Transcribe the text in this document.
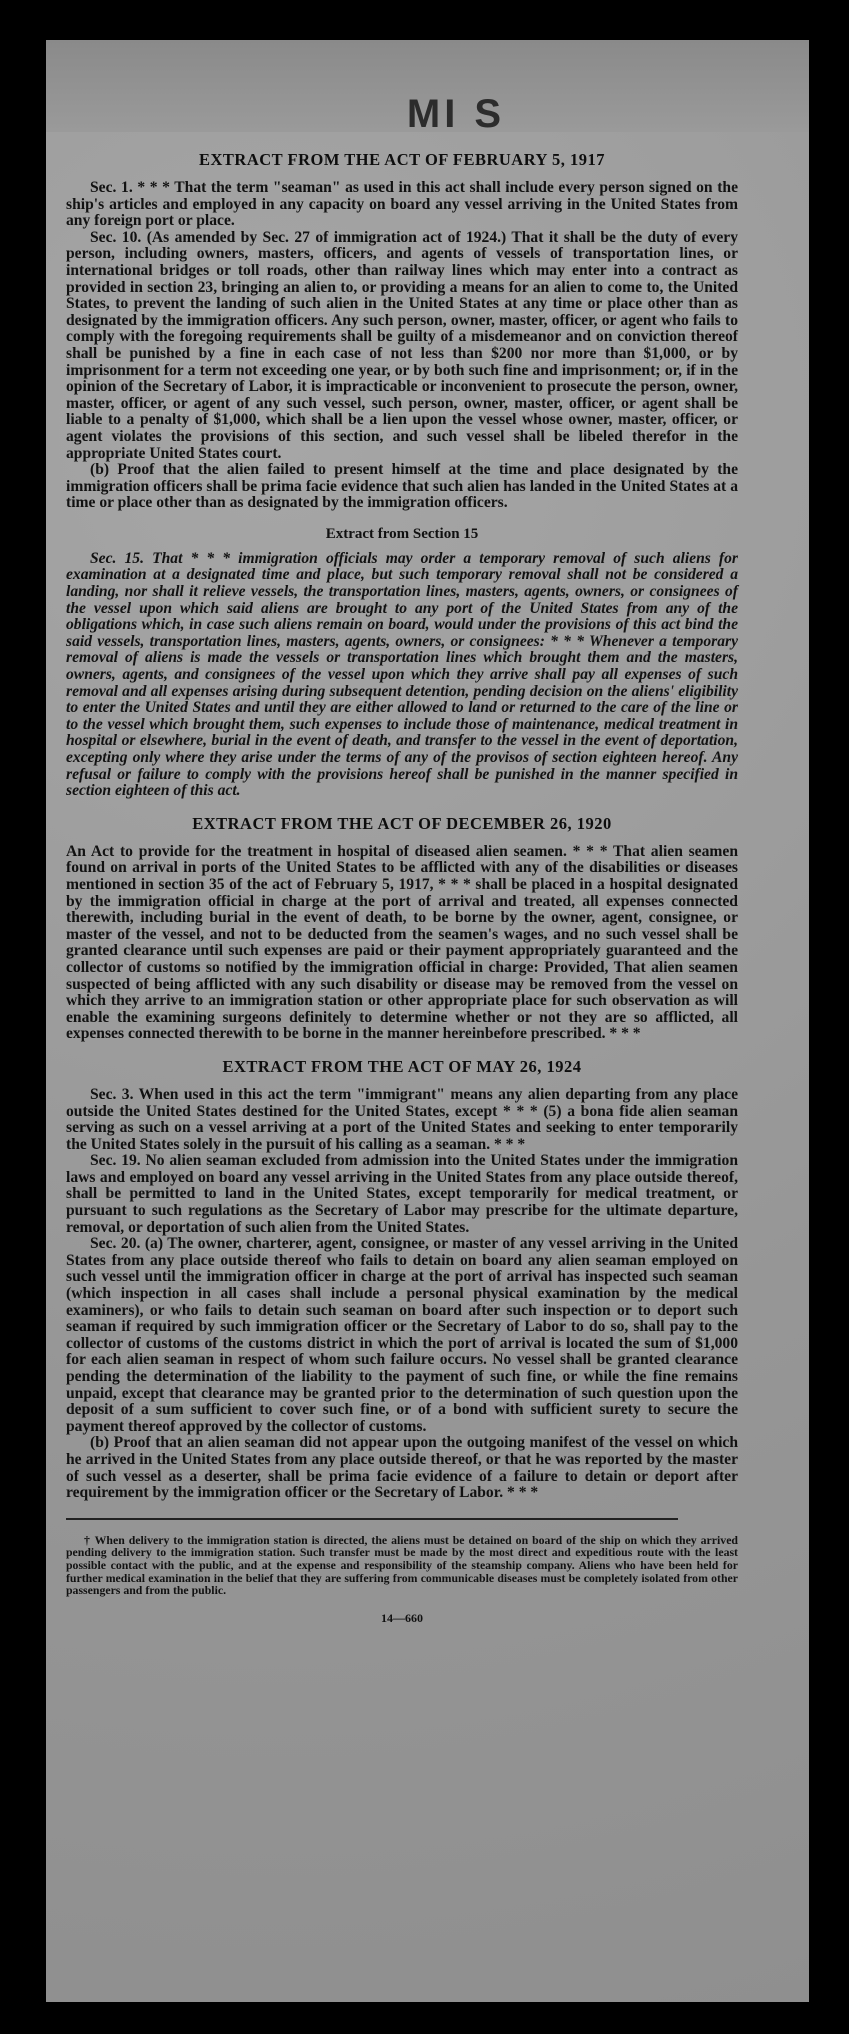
MI S
EXTRACT FROM THE ACT OF FEBRUARY 5, 1917

Sec. 1. * * * That the term "seaman" as used in this act shall include every person signed on the ship's articles and employed in any capacity on board any vessel arriving in the United States from any foreign port or place.

Sec. 10. (As amended by Sec. 27 of immigration act of 1924.) That it shall be the duty of every person, including owners, masters, officers, and agents of vessels of transportation lines, or international bridges or toll roads, other than railway lines which may enter into a contract as provided in section 23, bringing an alien to, or providing a means for an alien to come to, the United States, to prevent the landing of such alien in the United States at any time or place other than as designated by the immigration officers. Any such person, owner, master, officer, or agent who fails to comply with the foregoing requirements shall be guilty of a misdemeanor and on conviction thereof shall be punished by a fine in each case of not less than $200 nor more than $1,000, or by imprisonment for a term not exceeding one year, or by both such fine and imprisonment; or, if in the opinion of the Secretary of Labor, it is impracticable or inconvenient to prosecute the person, owner, master, officer, or agent of any such vessel, such person, owner, master, officer, or agent shall be liable to a penalty of $1,000, which shall be a lien upon the vessel whose owner, master, officer, or agent violates the provisions of this section, and such vessel shall be libeled therefor in the appropriate United States court.

(b) Proof that the alien failed to present himself at the time and place designated by the immigration officers shall be prima facie evidence that such alien has landed in the United States at a time or place other than as designated by the immigration officers.

Extract from Section 15

Sec. 15. That * * * immigration officials may order a temporary removal of such aliens for examination at a designated time and place, but such temporary removal shall not be considered a landing, nor shall it relieve vessels, the transportation lines, masters, agents, owners, or consignees of the vessel upon which said aliens are brought to any port of the United States from any of the obligations which, in case such aliens remain on board, would under the provisions of this act bind the said vessels, transportation lines, masters, agents, owners, or consignees: * * * Whenever a temporary removal of aliens is made the vessels or transportation lines which brought them and the masters, owners, agents, and consignees of the vessel upon which they arrive shall pay all expenses of such removal and all expenses arising during subsequent detention, pending decision on the aliens' eligibility to enter the United States and until they are either allowed to land or returned to the care of the line or to the vessel which brought them, such expenses to include those of maintenance, medical treatment in hospital or elsewhere, burial in the event of death, and transfer to the vessel in the event of deportation, excepting only where they arise under the terms of any of the provisos of section eighteen hereof. Any refusal or failure to comply with the provisions hereof shall be punished in the manner specified in section eighteen of this act.

EXTRACT FROM THE ACT OF DECEMBER 26, 1920

An Act to provide for the treatment in hospital of diseased alien seamen. * * * That alien seamen found on arrival in ports of the United States to be afflicted with any of the disabilities or diseases mentioned in section 35 of the act of February 5, 1917, * * * shall be placed in a hospital designated by the immigration official in charge at the port of arrival and treated, all expenses connected therewith, including burial in the event of death, to be borne by the owner, agent, consignee, or master of the vessel, and not to be deducted from the seamen's wages, and no such vessel shall be granted clearance until such expenses are paid or their payment appropriately guaranteed and the collector of customs so notified by the immigration official in charge: Provided, That alien seamen suspected of being afflicted with any such disability or disease may be removed from the vessel on which they arrive to an immigration station or other appropriate place for such observation as will enable the examining surgeons definitely to determine whether or not they are so afflicted, all expenses connected therewith to be borne in the manner hereinbefore prescribed. * * *

EXTRACT FROM THE ACT OF MAY 26, 1924

Sec. 3. When used in this act the term "immigrant" means any alien departing from any place outside the United States destined for the United States, except * * * (5) a bona fide alien seaman serving as such on a vessel arriving at a port of the United States and seeking to enter temporarily the United States solely in the pursuit of his calling as a seaman. * * *

Sec. 19. No alien seaman excluded from admission into the United States under the immigration laws and employed on board any vessel arriving in the United States from any place outside thereof, shall be permitted to land in the United States, except temporarily for medical treatment, or pursuant to such regulations as the Secretary of Labor may prescribe for the ultimate departure, removal, or deportation of such alien from the United States.

Sec. 20. (a) The owner, charterer, agent, consignee, or master of any vessel arriving in the United States from any place outside thereof who fails to detain on board any alien seaman employed on such vessel until the immigration officer in charge at the port of arrival has inspected such seaman (which inspection in all cases shall include a personal physical examination by the medical examiners), or who fails to detain such seaman on board after such inspection or to deport such seaman if required by such immigration officer or the Secretary of Labor to do so, shall pay to the collector of customs of the customs district in which the port of arrival is located the sum of $1,000 for each alien seaman in respect of whom such failure occurs. No vessel shall be granted clearance pending the determination of the liability to the payment of such fine, or while the fine remains unpaid, except that clearance may be granted prior to the determination of such question upon the deposit of a sum sufficient to cover such fine, or of a bond with sufficient surety to secure the payment thereof approved by the collector of customs.

(b) Proof that an alien seaman did not appear upon the outgoing manifest of the vessel on which he arrived in the United States from any place outside thereof, or that he was reported by the master of such vessel as a deserter, shall be prima facie evidence of a failure to detain or deport after requirement by the immigration officer or the Secretary of Labor. * * *

† When delivery to the immigration station is directed, the aliens must be detained on board of the ship on which they arrived pending delivery to the immigration station. Such transfer must be made by the most direct and expeditious route with the least possible contact with the public, and at the expense and responsibility of the steamship company. Aliens who have been held for further medical examination in the belief that they are suffering from communicable diseases must be completely isolated from other passengers and from the public.

14—660
